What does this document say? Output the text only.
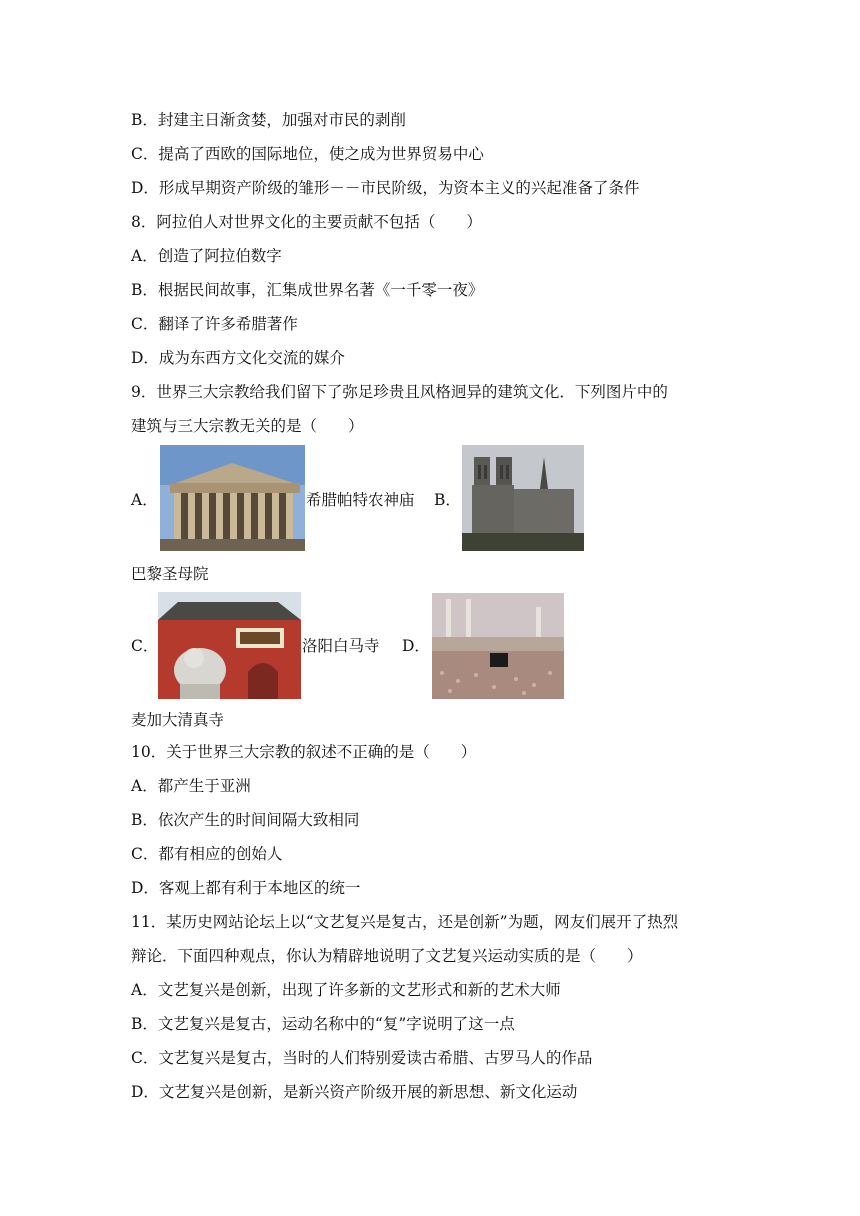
B．封建主日渐贪婪，加强对市民的剥削
C．提高了西欧的国际地位，使之成为世界贸易中心
D．形成早期资产阶级的雏形－－市民阶级，为资本主义的兴起准备了条件
8．阿拉伯人对世界文化的主要贡献不包括（　　）
A．创造了阿拉伯数字
B．根据民间故事，汇集成世界名著《一千零一夜》
C．翻译了许多希腊著作
D．成为东西方文化交流的媒介
9．世界三大宗教给我们留下了弥足珍贵且风格迥异的建筑文化．下列图片中的
建筑与三大宗教无关的是（　　）
A．	希腊帕特农神庙 B．
巴黎圣母院
C．	洛阳白马寺 D．
麦加大清真寺
10．关于世界三大宗教的叙述不正确的是（　　）
A．都产生于亚洲
B．依次产生的时间间隔大致相同
C．都有相应的创始人
D．客观上都有利于本地区的统一
11．某历史网站论坛上以“文艺复兴是复古，还是创新”为题，网友们展开了热烈
辩论．下面四种观点，你认为精辟地说明了文艺复兴运动实质的是（　　）
A．文艺复兴是创新，出现了许多新的文艺形式和新的艺术大师
B．文艺复兴是复古，运动名称中的“复”字说明了这一点
C．文艺复兴是复古，当时的人们特别爱读古希腊、古罗马人的作品
D．文艺复兴是创新，是新兴资产阶级开展的新思想、新文化运动
